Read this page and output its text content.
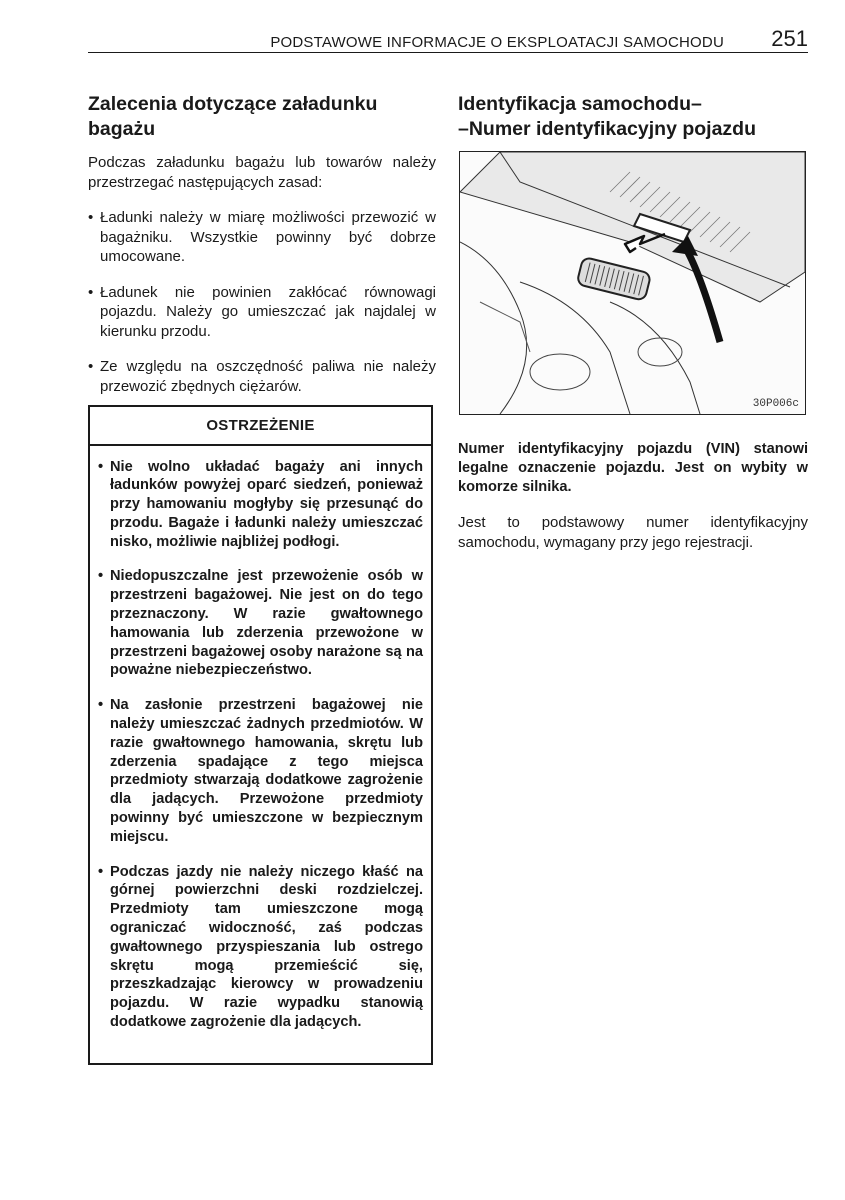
PODSTAWOWE INFORMACJE O EKSPLOATACJI SAMOCHODU 251
Zalecenia dotyczące załadunku bagażu

Podczas załadunku bagażu lub towarów należy przestrzegać następujących zasad:

• Ładunki należy w miarę możliwości przewozić w bagażniku. Wszystkie powinny być dobrze umocowane.
• Ładunek nie powinien zakłócać równowagi pojazdu. Należy go umieszczać jak najdalej w kierunku przodu.
• Ze względu na oszczędność paliwa nie należy przewozić zbędnych ciężarów.
OSTRZEŻENIE
• Nie wolno układać bagaży ani innych ładunków powyżej oparć siedzeń, ponieważ przy hamowaniu mogłyby się przesunąć do przodu. Bagaże i ładunki należy umieszczać nisko, możliwie najbliżej podłogi.
• Niedopuszczalne jest przewożenie osób w przestrzeni bagażowej. Nie jest on do tego przeznaczony. W razie gwałtownego hamowania lub zderzenia przewożone w przestrzeni bagażowej osoby narażone są na poważne niebezpieczeństwo.
• Na zasłonie przestrzeni bagażowej nie należy umieszczać żadnych przedmiotów. W razie gwałtownego hamowania, skrętu lub zderzenia spadające z tego miejsca przedmioty stwarzają dodatkowe zagrożenie dla jadących. Przewożone przedmioty powinny być umieszczone w bezpiecznym miejscu.
• Podczas jazdy nie należy niczego kłaść na górnej powierzchni deski rozdzielczej. Przedmioty tam umieszczone mogą ograniczać widoczność, zaś podczas gwałtownego przyspieszania lub ostrego skrętu mogą przemieścić się, przeszkadzając kierowcy w prowadzeniu pojazdu. W razie wypadku stanowią dodatkowe zagrożenie dla jadących.
Identyfikacja samochodu–
–Numer identyfikacyjny pojazdu
30P006c

Numer identyfikacyjny pojazdu (VIN) stanowi legalne oznaczenie pojazdu. Jest on wybity w komorze silnika.

Jest to podstawowy numer identyfikacyjny samochodu, wymagany przy jego rejestracji.
